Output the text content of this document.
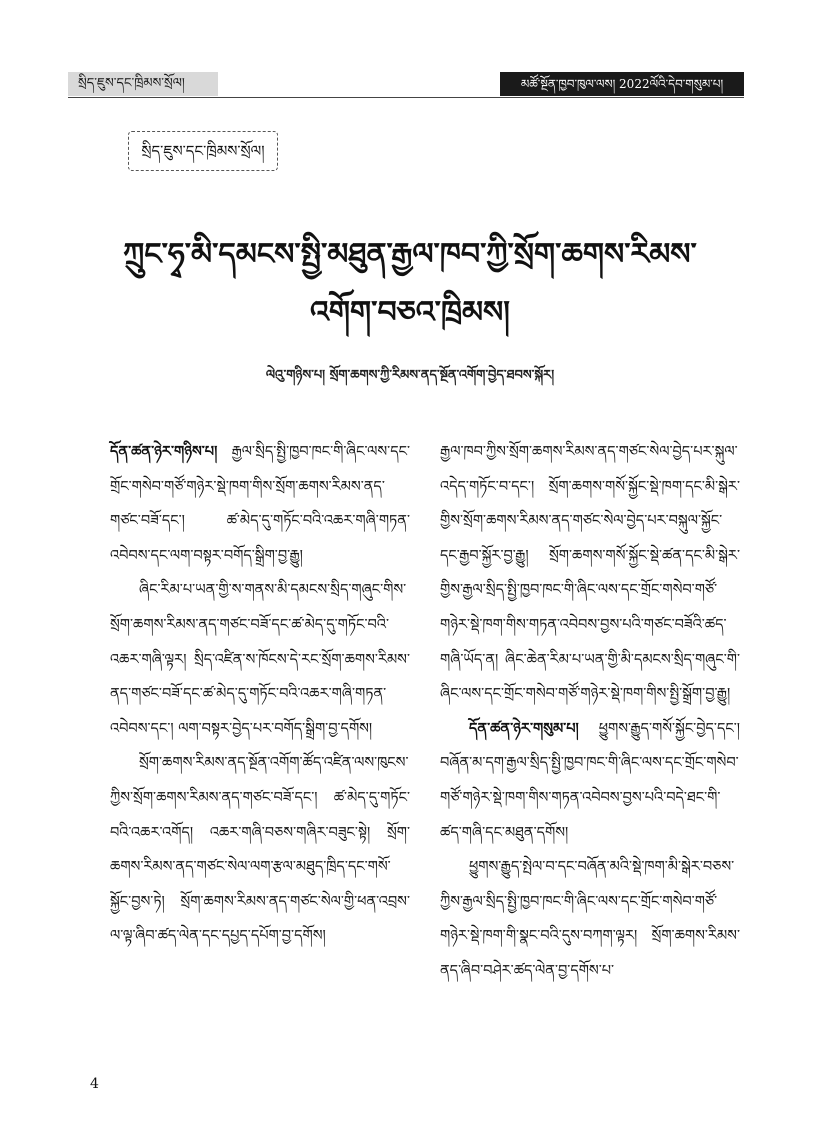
སྲིད་ཇུས་དང་ཁྲིམས་སྲོལ།	མཚོ་སྔོན་ཁྱབ་ཁུལ་ལས། 2022ལོའི་དེབ་གསུམ་པ།
སྲིད་ཇུས་དང་ཁྲིམས་སྲོལ།
ཀྲུང་ཧྭ་མི་དམངས་སྤྱི་མཐུན་རྒྱལ་ཁབ་ཀྱི་སྲོག་ཆགས་རིམས་འགོག་བཅའ་ཁྲིམས།
ལེའུ་གཉིས་པ། སྲོག་ཆགས་ཀྱི་རིམས་ནད་སྔོན་འགོག་བྱེད་ཐབས་སྐོར།

དོན་ཚན་ཉེར་གཉིས་པ། རྒྱལ་སྲིད་སྤྱི་ཁྱབ་ཁང་གི་ཞིང་ལས་དང་གྲོང་གསེབ་གཙོ་གཉེར་སྡེ་ཁག་གིས་སྲོག་ཆགས་རིམས་ནད་གཙང་བཟོ་དང་། ཚ་མེད་དུ་གཏོང་བའི་འཆར་གཞི་གཏན་འབེབས་དང་ལག་བསྟར་བགོད་སྒྲིག་བྱ་རྒྱུ།

ཞིང་རིམ་པ་ཡན་གྱི་ས་གནས་མི་དམངས་སྲིད་གཞུང་གིས་སྲོག་ཆགས་རིམས་ནད་གཙང་བཟོ་དང་ཚ་མེད་དུ་གཏོང་བའི་འཆར་གཞི་ལྟར། སྲིད་འཛིན་ས་ཁོངས་དེ་རང་སྲོག་ཆགས་རིམས་ནད་གཙང་བཟོ་དང་ཚ་མེད་དུ་གཏོང་བའི་འཆར་གཞི་གཏན་འབེབས་དང་། ལག་བསྟར་བྱེད་པར་བགོད་སྒྲིག་བྱ་དགོས།

སྲོག་ཆགས་རིམས་ནད་སྔོན་འགོག་ཚོད་འཛིན་ལས་ཁུངས་ཀྱིས་སྲོག་ཆགས་རིམས་ནད་གཙང་བཟོ་དང་། ཚ་མེད་དུ་གཏོང་བའི་འཆར་འགོད། འཆར་གཞི་བཅས་གཞིར་བཟུང་སྟེ། སྲོག་ཆགས་རིམས་ནད་གཙང་སེལ་ལག་རྩལ་མཐུད་ཁྲིད་དང་གསོ་སྐྱོང་བྱས་ཏེ། སྲོག་ཆགས་རིམས་ནད་གཙང་སེལ་གྱི་ཕན་འབྲས་ལ་ལྟ་ཞིབ་ཚད་ལེན་དང་དཔྱད་དཔོག་བྱ་དགོས།

རྒྱལ་ཁབ་ཀྱིས་སྲོག་ཆགས་རིམས་ནད་གཙང་སེལ་བྱེད་པར་སྐུལ་འདེད་གཏོང་བ་དང་། སྲོག་ཆགས་གསོ་སྐྱོང་སྡེ་ཁག་དང་མི་སྒེར་གྱིས་སྲོག་ཆགས་རིམས་ནད་གཙང་སེལ་བྱེད་པར་བསྐུལ་སྐྱོང་དང་རྒྱབ་སྐྱོར་བྱ་རྒྱུ། སྲོག་ཆགས་གསོ་སྐྱོང་སྡེ་ཚན་དང་མི་སྒེར་གྱིས་རྒྱལ་སྲིད་སྤྱི་ཁྱབ་ཁང་གི་ཞིང་ལས་དང་གྲོང་གསེབ་གཙོ་གཉེར་སྡེ་ཁག་གིས་གཏན་འབེབས་བྱས་པའི་གཙང་བཟོའི་ཚད་གཞི་ཡོད་ན། ཞིང་ཆེན་རིམ་པ་ཡན་གྱི་མི་དམངས་སྲིད་གཞུང་གི་ཞིང་ལས་དང་གྲོང་གསེབ་གཙོ་གཉེར་སྡེ་ཁག་གིས་སྤྱི་སྒྲོག་བྱ་རྒྱུ།

དོན་ཚན་ཉེར་གསུམ་པ། ཕྱུགས་རྒྱུད་གསོ་སྐྱོང་བྱེད་དང་། བཞོན་མ་དག་རྒྱལ་སྲིད་སྤྱི་ཁྱབ་ཁང་གི་ཞིང་ལས་དང་གྲོང་གསེབ་གཙོ་གཉེར་སྡེ་ཁག་གིས་གཏན་འབེབས་བྱས་པའི་བདེ་ཐང་གི་ཚད་གཞི་དང་མཐུན་དགོས།

ཕྱུགས་རྒྱུད་སྤེལ་བ་དང་བཞོན་མའི་སྡེ་ཁག་མི་སྒེར་བཅས་ཀྱིས་རྒྱལ་སྲིད་སྤྱི་ཁྱབ་ཁང་གི་ཞིང་ལས་དང་གྲོང་གསེབ་གཙོ་གཉེར་སྡེ་ཁག་གི་སྣང་བའི་དུས་བཀག་ལྟར། སྲོག་ཆགས་རིམས་ནད་ཞིབ་བཤེར་ཚད་ལེན་བྱ་དགོས་པ་

4
